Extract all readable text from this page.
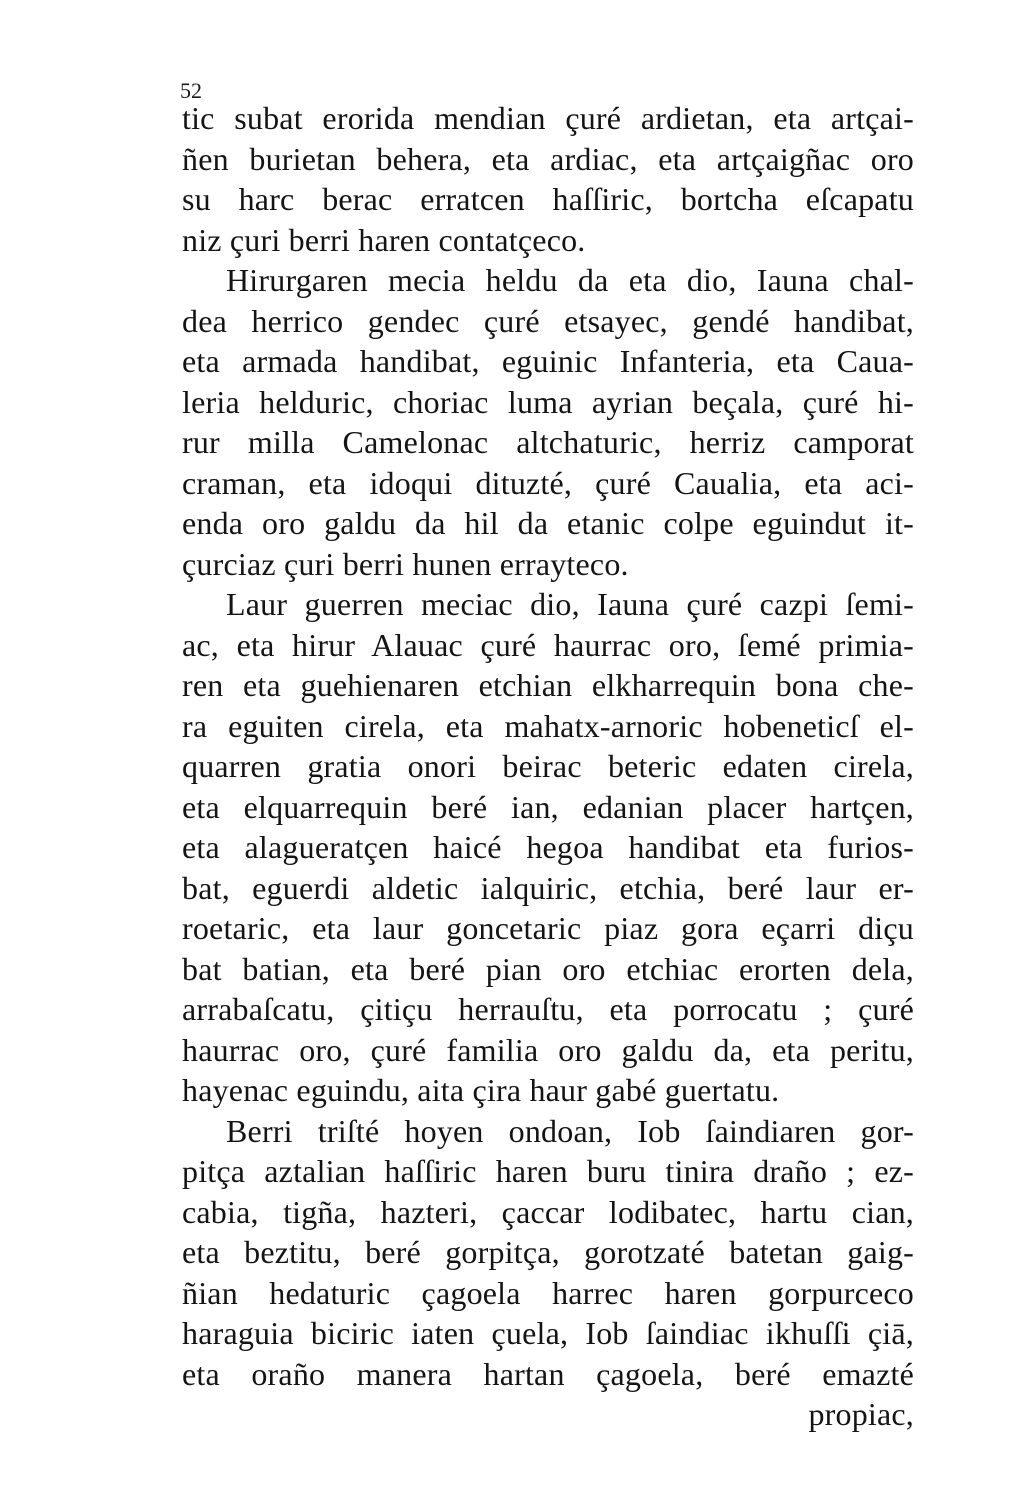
52
tic subat erorida mendian çuré ardietan, eta artçai-
ñen burietan behera, eta ardiac, eta artçaigñac oro
su harc berac erratcen haſſiric, bortcha eſcapatu
niz çuri berri haren contatçeco.
Hirurgaren mecia heldu da eta dio, Iauna chal-
dea herrico gendec çuré etsayec, gendé handibat,
eta armada handibat, eguinic Infanteria, eta Caua-
leria helduric, choriac luma ayrian beçala, çuré hi-
rur milla Camelonac altchaturic, herriz camporat
craman, eta idoqui dituzté, çuré Caualia, eta aci-
enda oro galdu da hil da etanic colpe eguindut it-
çurciaz çuri berri hunen errayteco.
Laur guerren meciac dio, Iauna çuré cazpi ſemi-
ac, eta hirur Alauac çuré haurrac oro, ſemé primia-
ren eta guehienaren etchian elkharrequin bona che-
ra eguiten cirela, eta mahatx-arnoric hobeneticſ el-
quarren gratia onori beirac beteric edaten cirela,
eta elquarrequin beré ian, edanian placer hartçen,
eta alagueratçen haicé hegoa handibat eta furios-
bat, eguerdi aldetic ialquiric, etchia, beré laur er-
roetaric, eta laur goncetaric piaz gora eçarri diçu
bat batian, eta beré pian oro etchiac erorten dela,
arrabaſcatu, çitiçu herrauſtu, eta porrocatu ; çuré
haurrac oro, çuré familia oro galdu da, eta peritu,
hayenac eguindu, aita çira haur gabé guertatu.
Berri triſté hoyen ondoan, Iob ſaindiaren gor-
pitça aztalian haſſiric haren buru tinira draño ; ez-
cabia, tigña, hazteri, çaccar lodibatec, hartu cian,
eta beztitu, beré gorpitça, gorotzaté batetan gaig-
ñian hedaturic çagoela harrec haren gorpurceco
haraguia biciric iaten çuela, Iob ſaindiac ikhuſſi çiā,
eta oraño manera hartan çagoela, beré emazté
propiac,
